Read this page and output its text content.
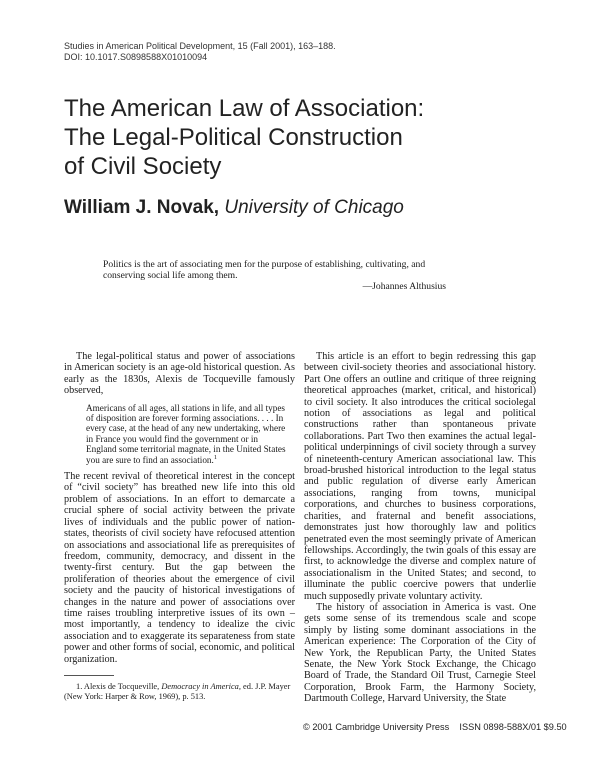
Studies in American Political Development, 15 (Fall 2001), 163–188.
DOI: 10.1017.S0898588X01010094
The American Law of Association:
The Legal-Political Construction
of Civil Society
William J. Novak, University of Chicago
Politics is the art of associating men for the purpose of establishing, cultivating, and
conserving social life among them.
—Johannes Althusius

The legal-political status and power of associations in American society is an age-old historical question. As early as the 1830s, Alexis de Tocqueville famously observed,

Americans of all ages, all stations in life, and all types of disposition are forever forming associations. . . . In every case, at the head of any new undertaking, where in France you would find the government or in England some territorial magnate, in the United States you are sure to find an association.$^1$

The recent revival of theoretical interest in the concept of “civil society” has breathed new life into this old problem of associations. In an effort to demarcate a crucial sphere of social activity between the private lives of individuals and the public power of nation-states, theorists of civil society have refocused attention on associations and associational life as prerequisites of freedom, community, democracy, and dissent in the twenty-first century. But the gap between the proliferation of theories about the emergence of civil society and the paucity of historical investigations of changes in the nature and power of associations over time raises troubling interpretive issues of its own – most importantly, a tendency to idealize the civic association and to exaggerate its separateness from state power and other forms of social, economic, and political organization.

1. Alexis de Tocqueville, Democracy in America, ed. J.P. Mayer (New York: Harper & Row, 1969), p. 513.

This article is an effort to begin redressing this gap between civil-society theories and associational history. Part One offers an outline and critique of three reigning theoretical approaches (market, critical, and historical) to civil society. It also introduces the critical sociolegal notion of associations as legal and political constructions rather than spontaneous private collaborations. Part Two then examines the actual legal-political underpinnings of civil society through a survey of nineteenth-century American associational law. This broad-brushed historical introduction to the legal status and public regulation of diverse early American associations, ranging from towns, municipal corporations, and churches to business corporations, charities, and fraternal and benefit associations, demonstrates just how thoroughly law and politics penetrated even the most seemingly private of American fellowships. Accordingly, the twin goals of this essay are first, to acknowledge the diverse and complex nature of associationalism in the United States; and second, to illuminate the public coercive powers that underlie much supposedly private voluntary activity.

The history of association in America is vast. One gets some sense of its tremendous scale and scope simply by listing some dominant associations in the American experience: The Corporation of the City of New York, the Republican Party, the United States Senate, the New York Stock Exchange, the Chicago Board of Trade, the Standard Oil Trust, Carnegie Steel Corporation, Brook Farm, the Harmony Society, Dartmouth College, Harvard University, the State

© 2001 Cambridge University Press ISSN 0898-588X/01 $9.50
